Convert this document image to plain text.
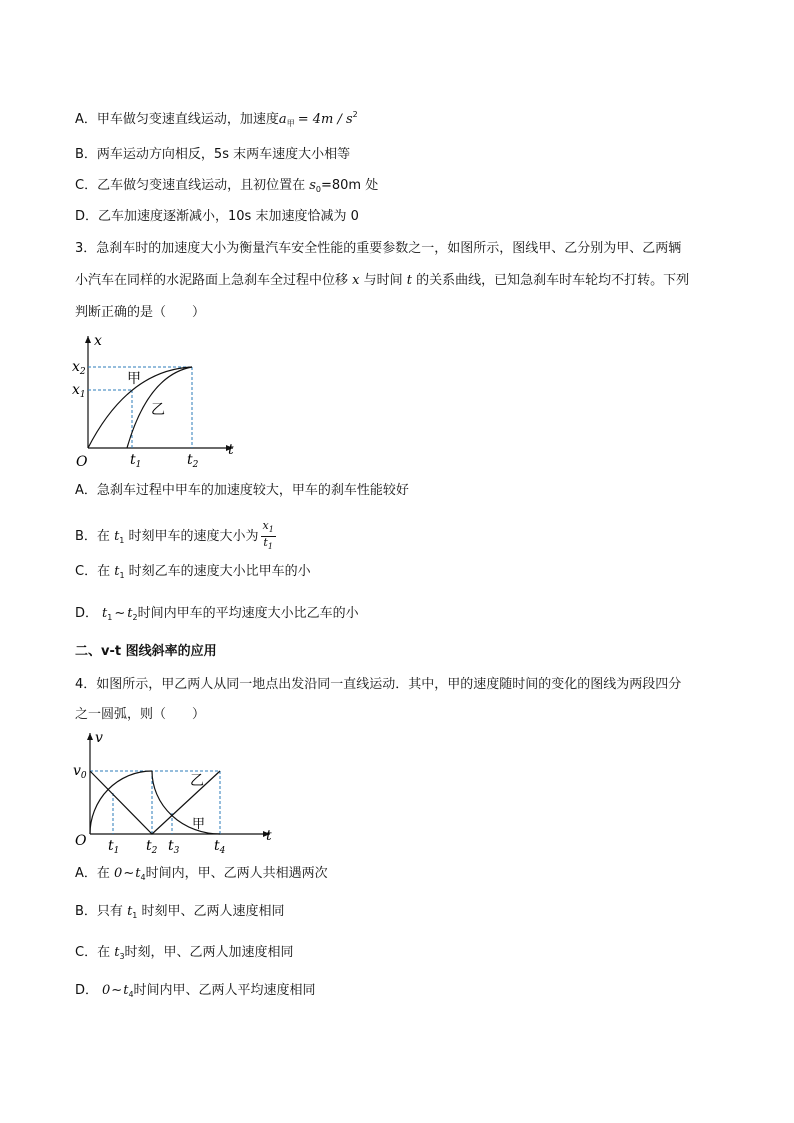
A．甲车做匀变速直线运动，加速度$a_甲 = 4m / s^2$
B．两车运动方向相反，5s 末两车速度大小相等
C．乙车做匀变速直线运动，且初位置在 $s_0=80m$ 处
D．乙车加速度逐渐减小，10s 末加速度恰减为 0
3．急刹车时的加速度大小为衡量汽车安全性能的重要参数之一，如图所示，图线甲、乙分别为甲、乙两辆
小汽车在同样的水泥路面上急刹车全过程中位移 x 与时间 t 的关系曲线，已知急刹车时车轮均不打转。下列
判断正确的是（　　）
x
t
O
$x_2$
$x_1$
$t_1$	$t_2$
甲
乙
A．急刹车过程中甲车的加速度较大，甲车的刹车性能较好
B．在 $t_1$ 时刻甲车的速度大小为 $\frac{x_1}{t_1}$
C．在 $t_1$ 时刻乙车的速度大小比甲车的小
D． $t_1$ ~ $t_2$时间内甲车的平均速度大小比乙车的小
二、v-t 图线斜率的应用
4．如图所示，甲乙两人从同一地点出发沿同一直线运动．其中，甲的速度随时间的变化的图线为两段四分
之一圆弧，则（　　）
v
t
O
$v_0$
$t_1$ $t_2$ $t_3$ $t_4$
乙
甲
A．在 $0\sim t_4$时间内，甲、乙两人共相遇两次
B．只有 $t_1$ 时刻甲、乙两人速度相同
C．在 $t_3$时刻，甲、乙两人加速度相同
D． $0\sim t_4$时间内甲、乙两人平均速度相同
